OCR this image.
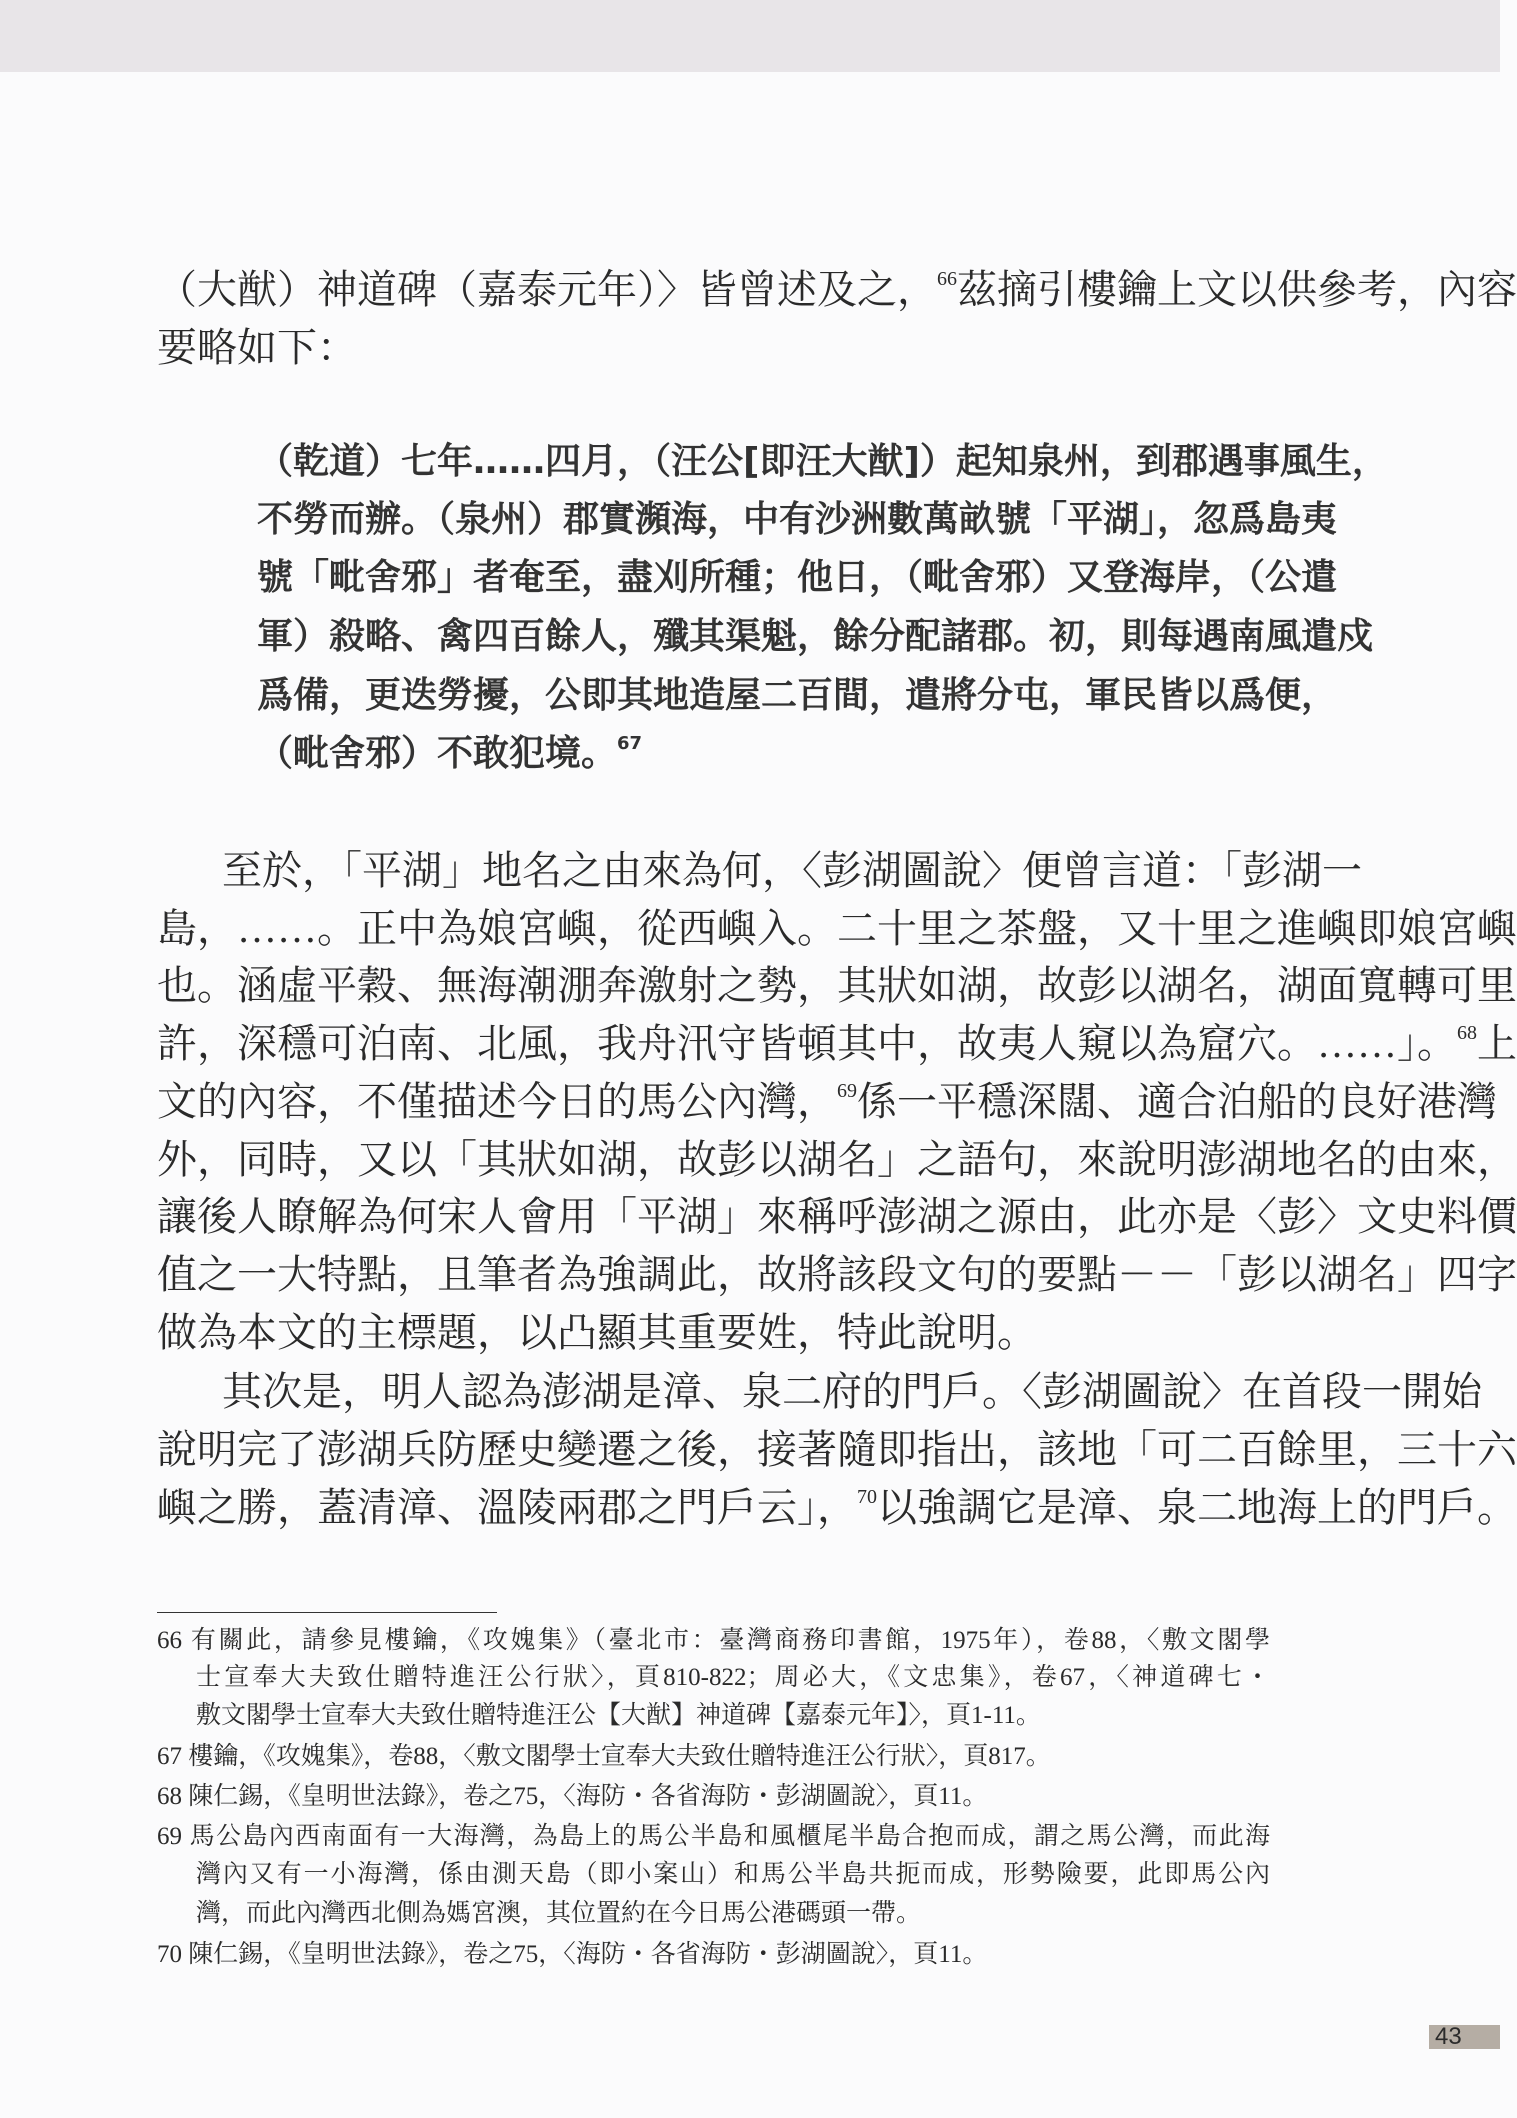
（大猷）神道碑（嘉泰元年）〉皆曾述及之，$^{66}$茲摘引樓鑰上文以供參考，內容
要略如下：
（乾道）七年……四月，（汪公[即汪大猷]）起知泉州，到郡遇事風生，
不勞而辦。（泉州）郡實瀕海，中有沙洲數萬畝號「平湖」，忽爲島夷
號「毗舍邪」者奄至，盡刈所種；他日，（毗舍邪）又登海岸，（公遣
軍）殺略、禽四百餘人，殲其渠魁，餘分配諸郡。初，則每遇南風遣戍
爲備，更迭勞擾，公即其地造屋二百間，遣將分屯，軍民皆以爲便，
（毗舍邪）不敢犯境。$^{67}$
至於，「平湖」地名之由來為何，〈彭湖圖說〉便曾言道：「彭湖一
島，……。正中為娘宮嶼，從西嶼入。二十里之茶盤，又十里之進嶼即娘宮嶼
也。涵虛平穀、無海潮淜奔激射之勢，其狀如湖，故彭以湖名，湖面寬轉可里
許，深穩可泊南、北風，我舟汛守皆頓其中，故夷人窺以為窟穴。……」。$^{68}$上
文的內容，不僅描述今日的馬公內灣，$^{69}$係一平穩深闊、適合泊船的良好港灣
外，同時，又以「其狀如湖，故彭以湖名」之語句，來說明澎湖地名的由來，
讓後人瞭解為何宋人會用「平湖」來稱呼澎湖之源由，此亦是〈彭〉文史料價
值之一大特點，且筆者為強調此，故將該段文句的要點－－「彭以湖名」四字
做為本文的主標題，以凸顯其重要姓，特此說明。
其次是，明人認為澎湖是漳、泉二府的門戶。〈彭湖圖說〉在首段一開始
說明完了澎湖兵防歷史變遷之後，接著隨即指出，該地「可二百餘里，三十六
嶼之勝，蓋清漳、溫陵兩郡之門戶云」，$^{70}$以強調它是漳、泉二地海上的門戶。
66 有關此，請參見樓鑰，《攻媿集》（臺北市：臺灣商務印書館，1975年），卷88，〈敷文閣學
士宣奉大夫致仕贈特進汪公行狀〉，頁810-822；周必大，《文忠集》，卷67，〈神道碑七・
敷文閣學士宣奉大夫致仕贈特進汪公【大猷】神道碑【嘉泰元年】〉，頁1-11。
67 樓鑰，《攻媿集》，卷88，〈敷文閣學士宣奉大夫致仕贈特進汪公行狀〉，頁817。
68 陳仁錫，《皇明世法錄》，卷之75，〈海防・各省海防・彭湖圖說〉，頁11。
69 馬公島內西南面有一大海灣，為島上的馬公半島和風櫃尾半島合抱而成，謂之馬公灣，而此海
灣內又有一小海灣，係由測天島（即小案山）和馬公半島共扼而成，形勢險要，此即馬公內
灣，而此內灣西北側為媽宮澳，其位置約在今日馬公港碼頭一帶。
70 陳仁錫，《皇明世法錄》，卷之75，〈海防・各省海防・彭湖圖說〉，頁11。
43
